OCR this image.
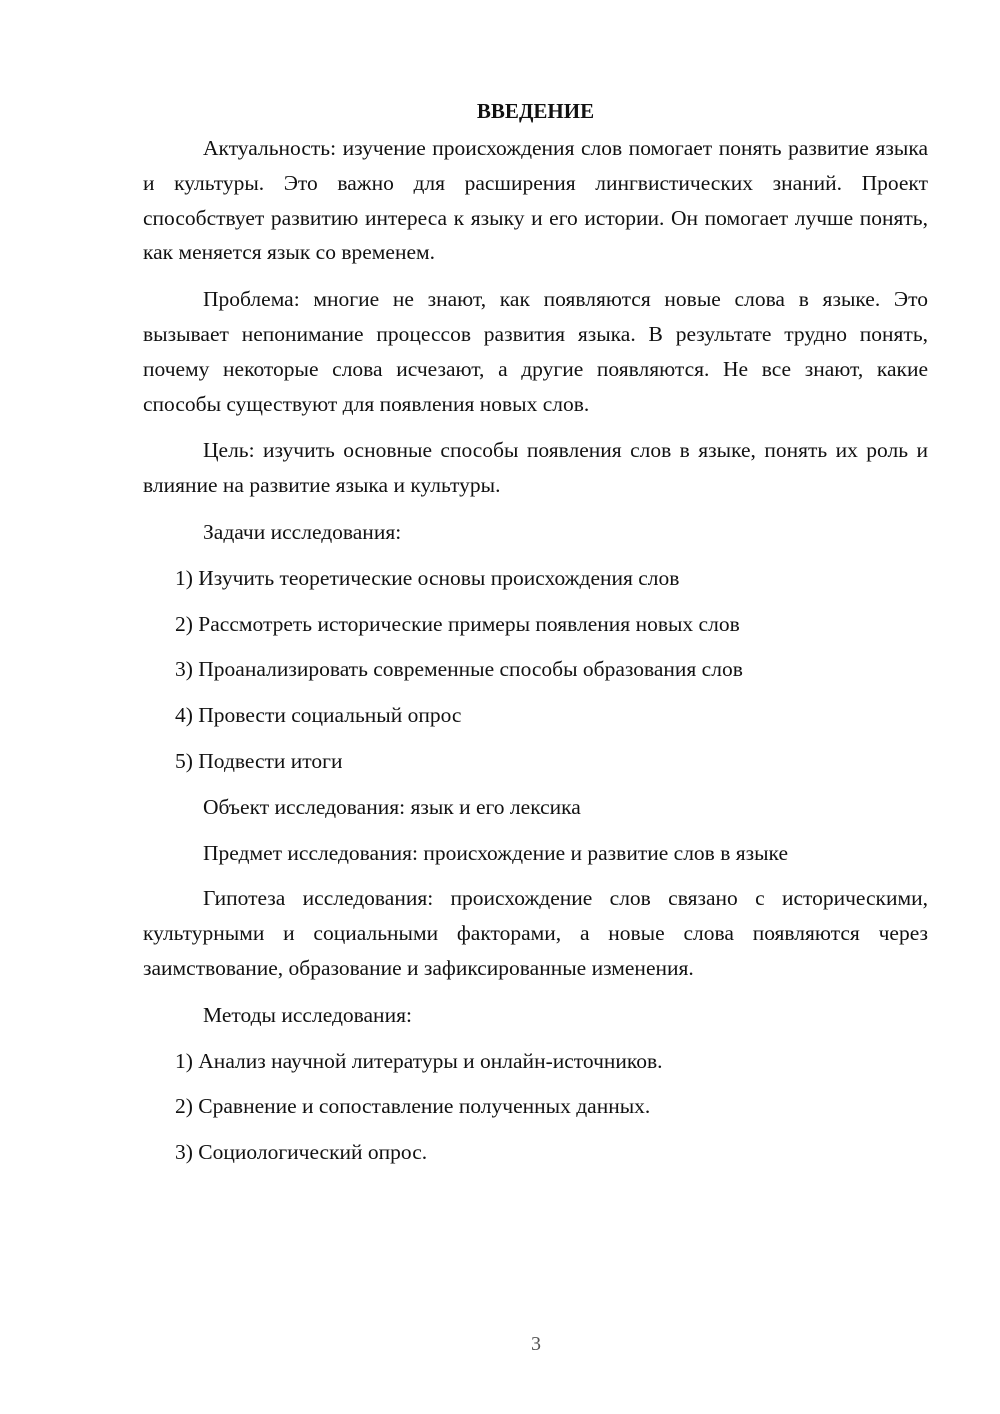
ВВЕДЕНИЕ

Актуальность: изучение происхождения слов помогает понять развитие языка и культуры. Это важно для расширения лингвистических знаний. Проект способствует развитию интереса к языку и его истории. Он помогает лучше понять, как меняется язык со временем.

Проблема: многие не знают, как появляются новые слова в языке. Это вызывает непонимание процессов развития языка. В результате трудно понять, почему некоторые слова исчезают, а другие появляются. Не все знают, какие способы существуют для появления новых слов.

Цель: изучить основные способы появления слов в языке, понять их роль и влияние на развитие языка и культуры.

Задачи исследования:
1) Изучить теоретические основы происхождения слов
2) Рассмотреть исторические примеры появления новых слов
3) Проанализировать современные способы образования слов
4) Провести социальный опрос
5) Подвести итоги
Объект исследования: язык и его лексика
Предмет исследования: происхождение и развитие слов в языке

Гипотеза исследования: происхождение слов связано с историческими, культурными и социальными факторами, а новые слова появляются через заимствование, образование и зафиксированные изменения.

Методы исследования:
1) Анализ научной литературы и онлайн-источников.
2) Сравнение и сопоставление полученных данных.
3) Социологический опрос.
3
